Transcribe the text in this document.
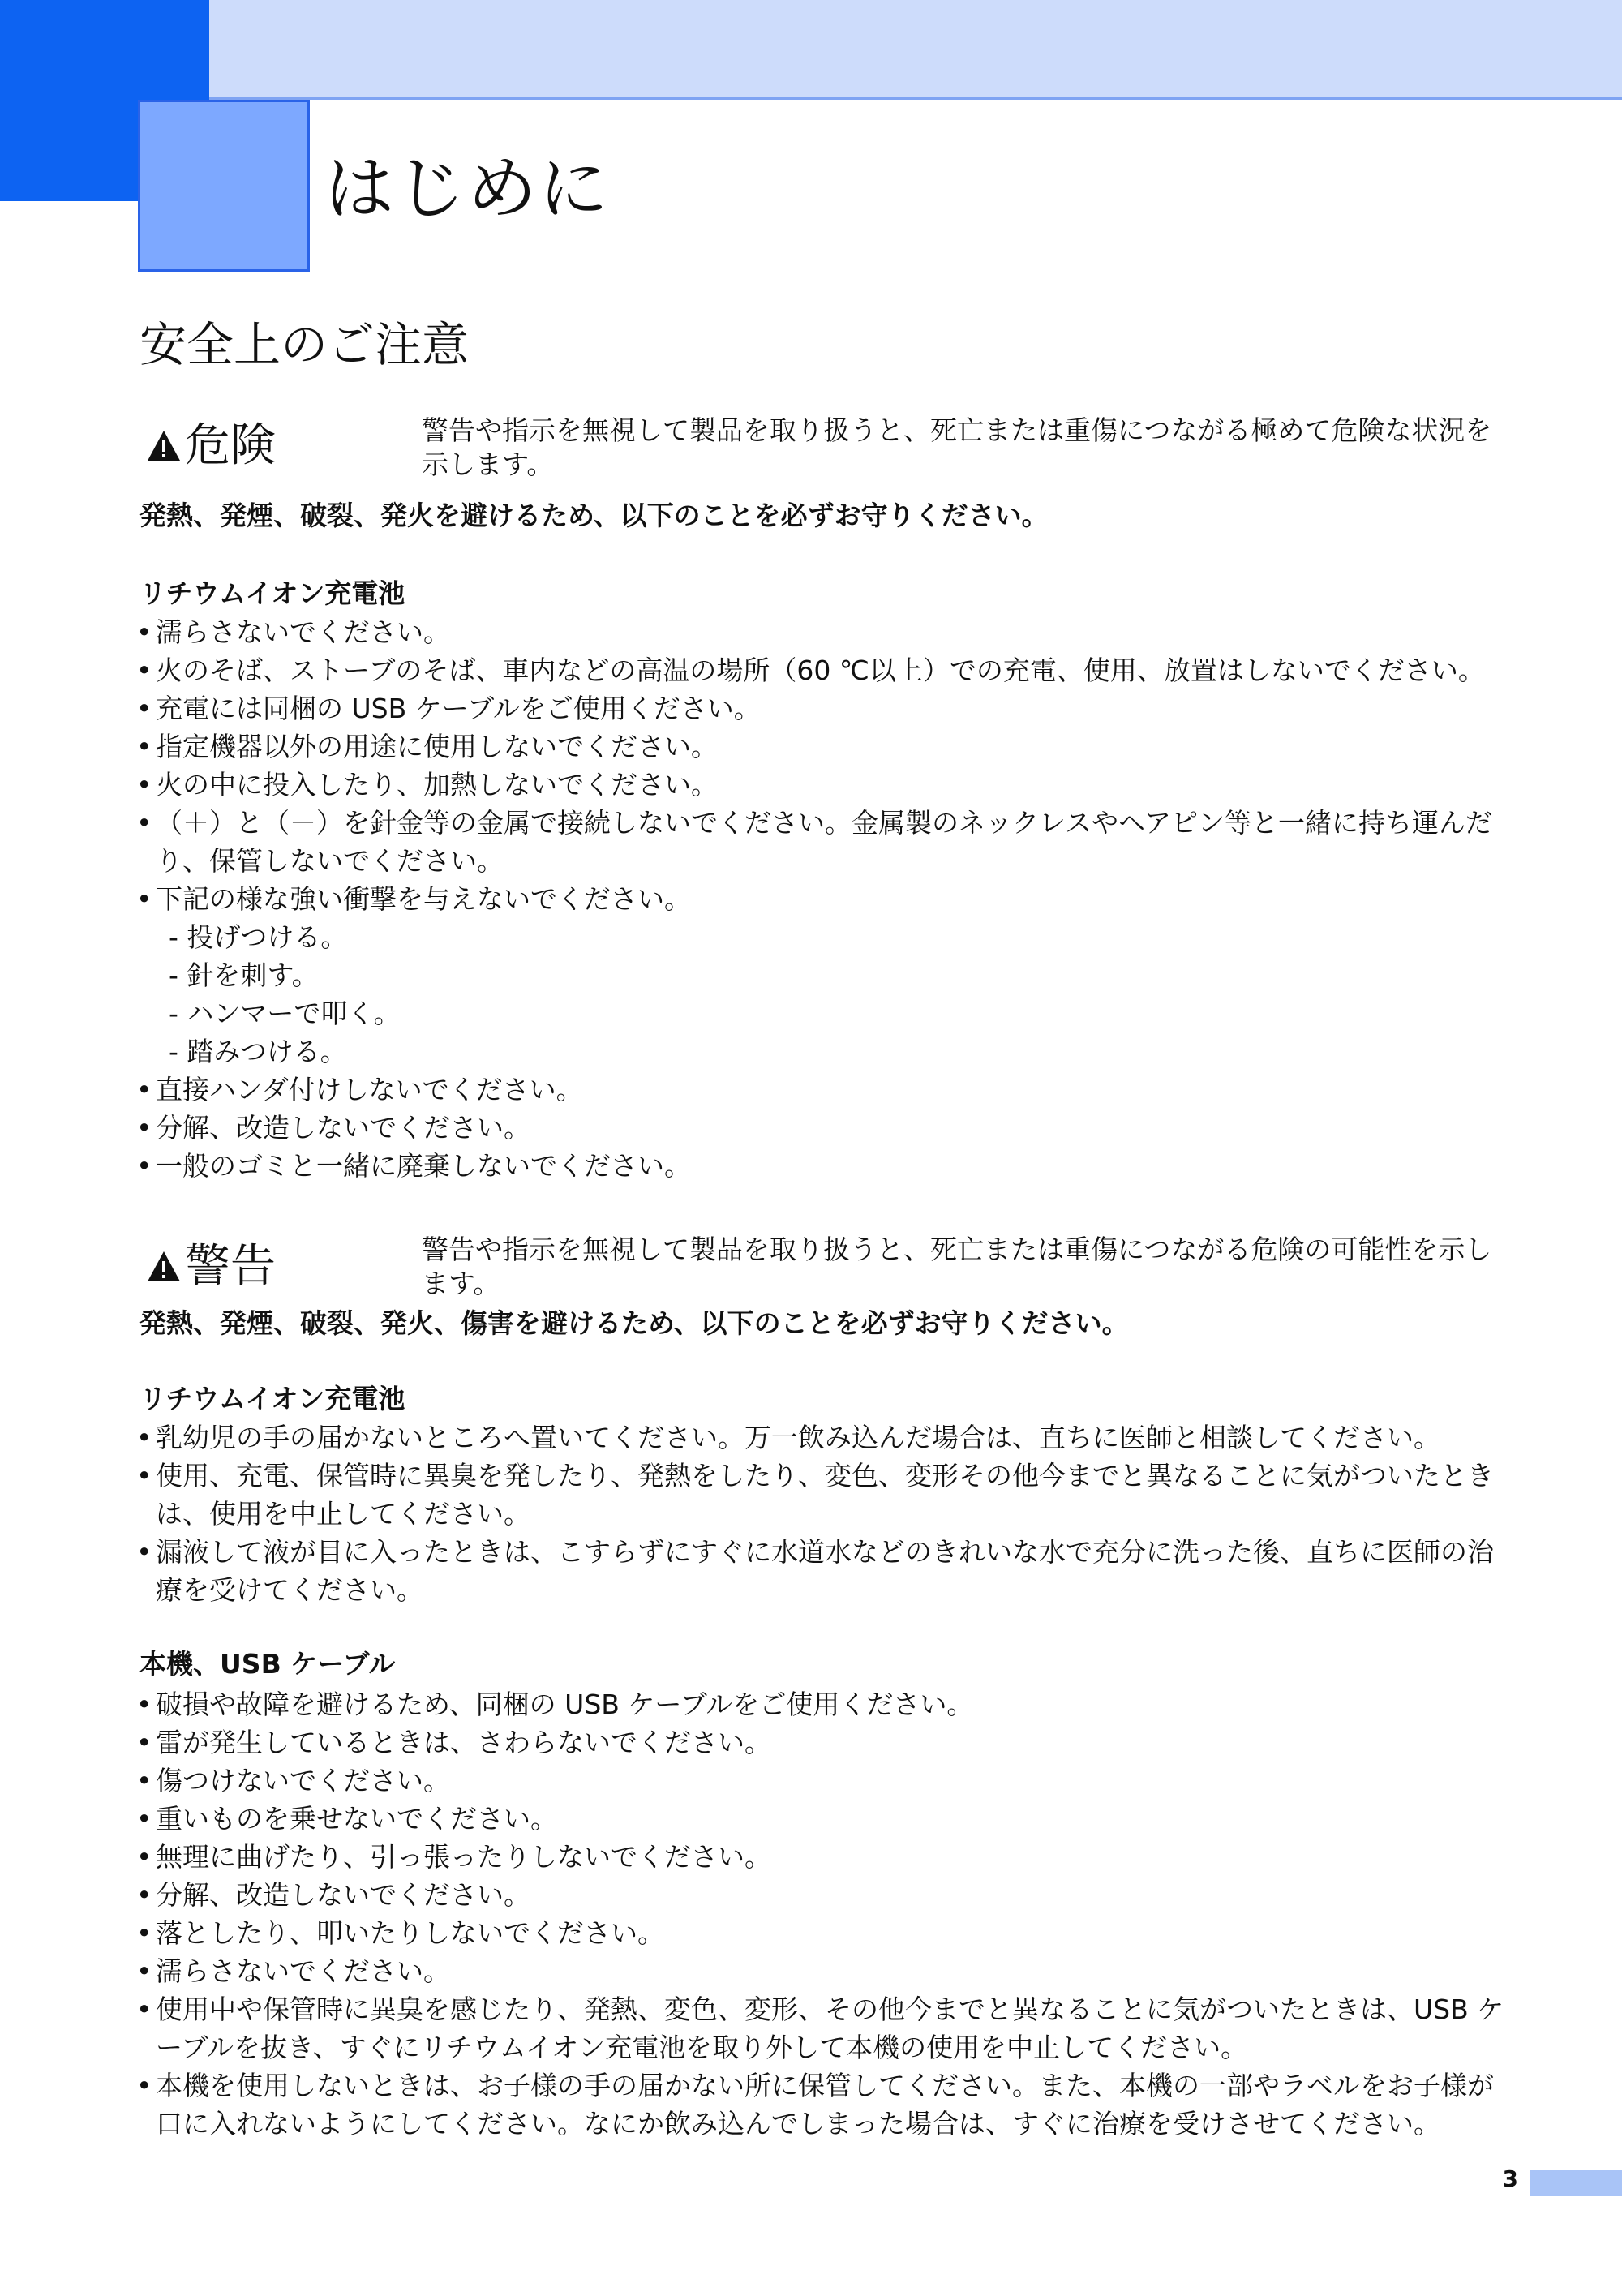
はじめに
安全上のご注意
危険	警告や指示を無視して製品を取り扱うと、死亡または重傷につながる極めて危険な状況を示します。

発熱、発煙、破裂、発火を避けるため、以下のことを必ずお守りください。

リチウムイオン充電池

• 濡らさないでください。
• 火のそば、ストーブのそば、車内などの高温の場所（60 ℃以上）での充電、使用、放置はしないでください。
• 充電には同梱の USB ケーブルをご使用ください。
• 指定機器以外の用途に使用しないでください。
• 火の中に投入したり、加熱しないでください。
• （＋）と（－）を針金等の金属で接続しないでください。金属製のネックレスやヘアピン等と一緒に持ち運んだり、保管しないでください。
• 下記の様な強い衝撃を与えないでください。
- 投げつける。
- 針を刺す。
- ハンマーで叩く。
- 踏みつける。
• 直接ハンダ付けしないでください。
• 分解、改造しないでください。
• 一般のゴミと一緒に廃棄しないでください。
警告	警告や指示を無視して製品を取り扱うと、死亡または重傷につながる危険の可能性を示します。

発熱、発煙、破裂、発火、傷害を避けるため、以下のことを必ずお守りください。

リチウムイオン充電池

• 乳幼児の手の届かないところへ置いてください。万一飲み込んだ場合は、直ちに医師と相談してください。
• 使用、充電、保管時に異臭を発したり、発熱をしたり、変色、変形その他今までと異なることに気がついたときは、使用を中止してください。
• 漏液して液が目に入ったときは、こすらずにすぐに水道水などのきれいな水で充分に洗った後、直ちに医師の治療を受けてください。

本機、USB ケーブル

• 破損や故障を避けるため、同梱の USB ケーブルをご使用ください。
• 雷が発生しているときは、さわらないでください。
• 傷つけないでください。
• 重いものを乗せないでください。
• 無理に曲げたり、引っ張ったりしないでください。
• 分解、改造しないでください。
• 落としたり、叩いたりしないでください。
• 濡らさないでください。
• 使用中や保管時に異臭を感じたり、発熱、変色、変形、その他今までと異なることに気がついたときは、USB ケーブルを抜き、すぐにリチウムイオン充電池を取り外して本機の使用を中止してください。
• 本機を使用しないときは、お子様の手の届かない所に保管してください。また、本機の一部やラベルをお子様が口に入れないようにしてください。なにか飲み込んでしまった場合は、すぐに治療を受けさせてください。
3
